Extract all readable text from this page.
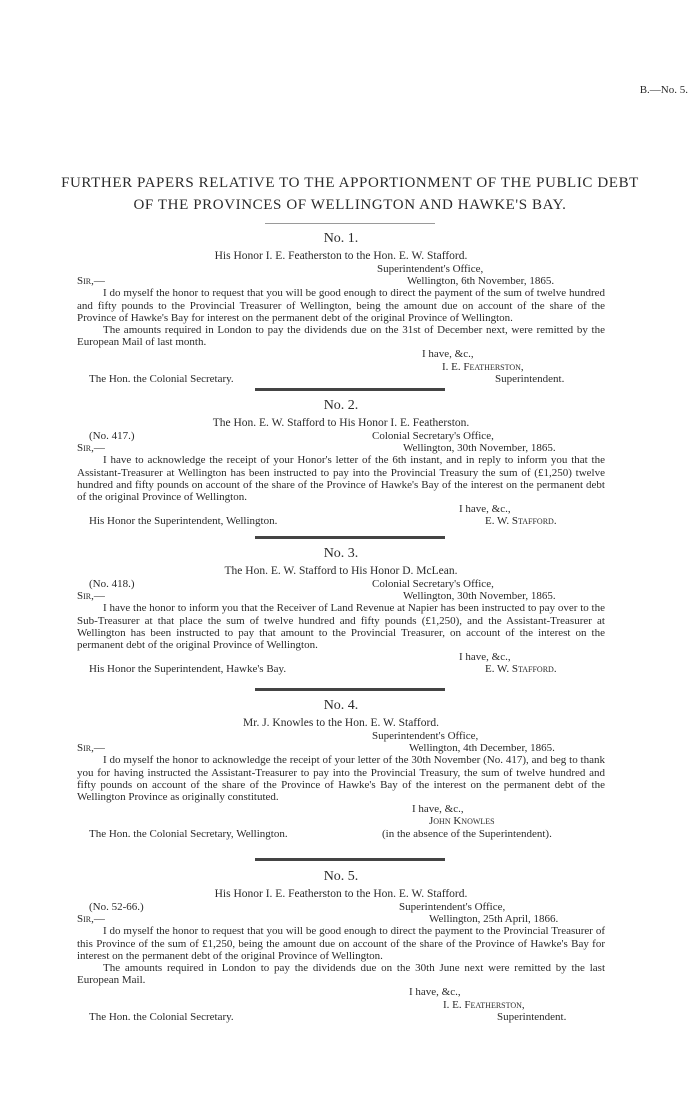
B.—No. 5.
FURTHER PAPERS RELATIVE TO THE APPORTIONMENT OF THE PUBLIC DEBT
OF THE PROVINCES OF WELLINGTON AND HAWKE'S BAY.
No. 1.
His Honor I. E. Featherston to the Hon. E. W. Stafford.
Superintendent's Office,
Sir,—	Wellington, 6th November, 1865.

I do myself the honor to request that you will be good enough to direct the payment of the sum of twelve hundred and fifty pounds to the Provincial Treasurer of Wellington, being the amount due on account of the share of the Province of Hawke's Bay for interest on the permanent debt of the original Province of Wellington.

The amounts required in London to pay the dividends due on the 31st of December next, were remitted by the European Mail of last month.

I have, &c.,
I. E. Featherston,
The Hon. the Colonial Secretary.	Superintendent.
No. 2.
The Hon. E. W. Stafford to His Honor I. E. Featherston.
(No. 417.)	Colonial Secretary's Office,
Sir,—	Wellington, 30th November, 1865.

I have to acknowledge the receipt of your Honor's letter of the 6th instant, and in reply to inform you that the Assistant-Treasurer at Wellington has been instructed to pay into the Provincial Treasury the sum of (£1,250) twelve hundred and fifty pounds on account of the share of the Province of Hawke's Bay of the interest on the permanent debt of the original Province of Wellington.

I have, &c.,
His Honor the Superintendent, Wellington.	E. W. Stafford.
No. 3.
The Hon. E. W. Stafford to His Honor D. McLean.
(No. 418.)	Colonial Secretary's Office,
Sir,—	Wellington, 30th November, 1865.

I have the honor to inform you that the Receiver of Land Revenue at Napier has been instructed to pay over to the Sub-Treasurer at that place the sum of twelve hundred and fifty pounds (£1,250), and the Assistant-Treasurer at Wellington has been instructed to pay that amount to the Provincial Treasurer, on account of the interest on the permanent debt of the original Province of Wellington.

I have, &c.,
His Honor the Superintendent, Hawke's Bay.	E. W. Stafford.
No. 4.
Mr. J. Knowles to the Hon. E. W. Stafford.
Superintendent's Office,
Sir,—	Wellington, 4th December, 1865.

I do myself the honor to acknowledge the receipt of your letter of the 30th November (No. 417), and beg to thank you for having instructed the Assistant-Treasurer to pay into the Provincial Treasury, the sum of twelve hundred and fifty pounds on account of the share of the Province of Hawke's Bay of the interest on the permanent debt of the Wellington Province as originally constituted.

I have, &c.,
John Knowles
The Hon. the Colonial Secretary, Wellington.	(in the absence of the Superintendent).
No. 5.
His Honor I. E. Featherston to the Hon. E. W. Stafford.
(No. 52-66.)	Superintendent's Office,
Sir,—	Wellington, 25th April, 1866.

I do myself the honor to request that you will be good enough to direct the payment to the Provincial Treasurer of this Province of the sum of £1,250, being the amount due on account of the share of the Province of Hawke's Bay for interest on the permanent debt of the original Province of Wellington.

The amounts required in London to pay the dividends due on the 30th June next were remitted by the last European Mail.

I have, &c.,
I. E. Featherston,
The Hon. the Colonial Secretary.	Superintendent.
